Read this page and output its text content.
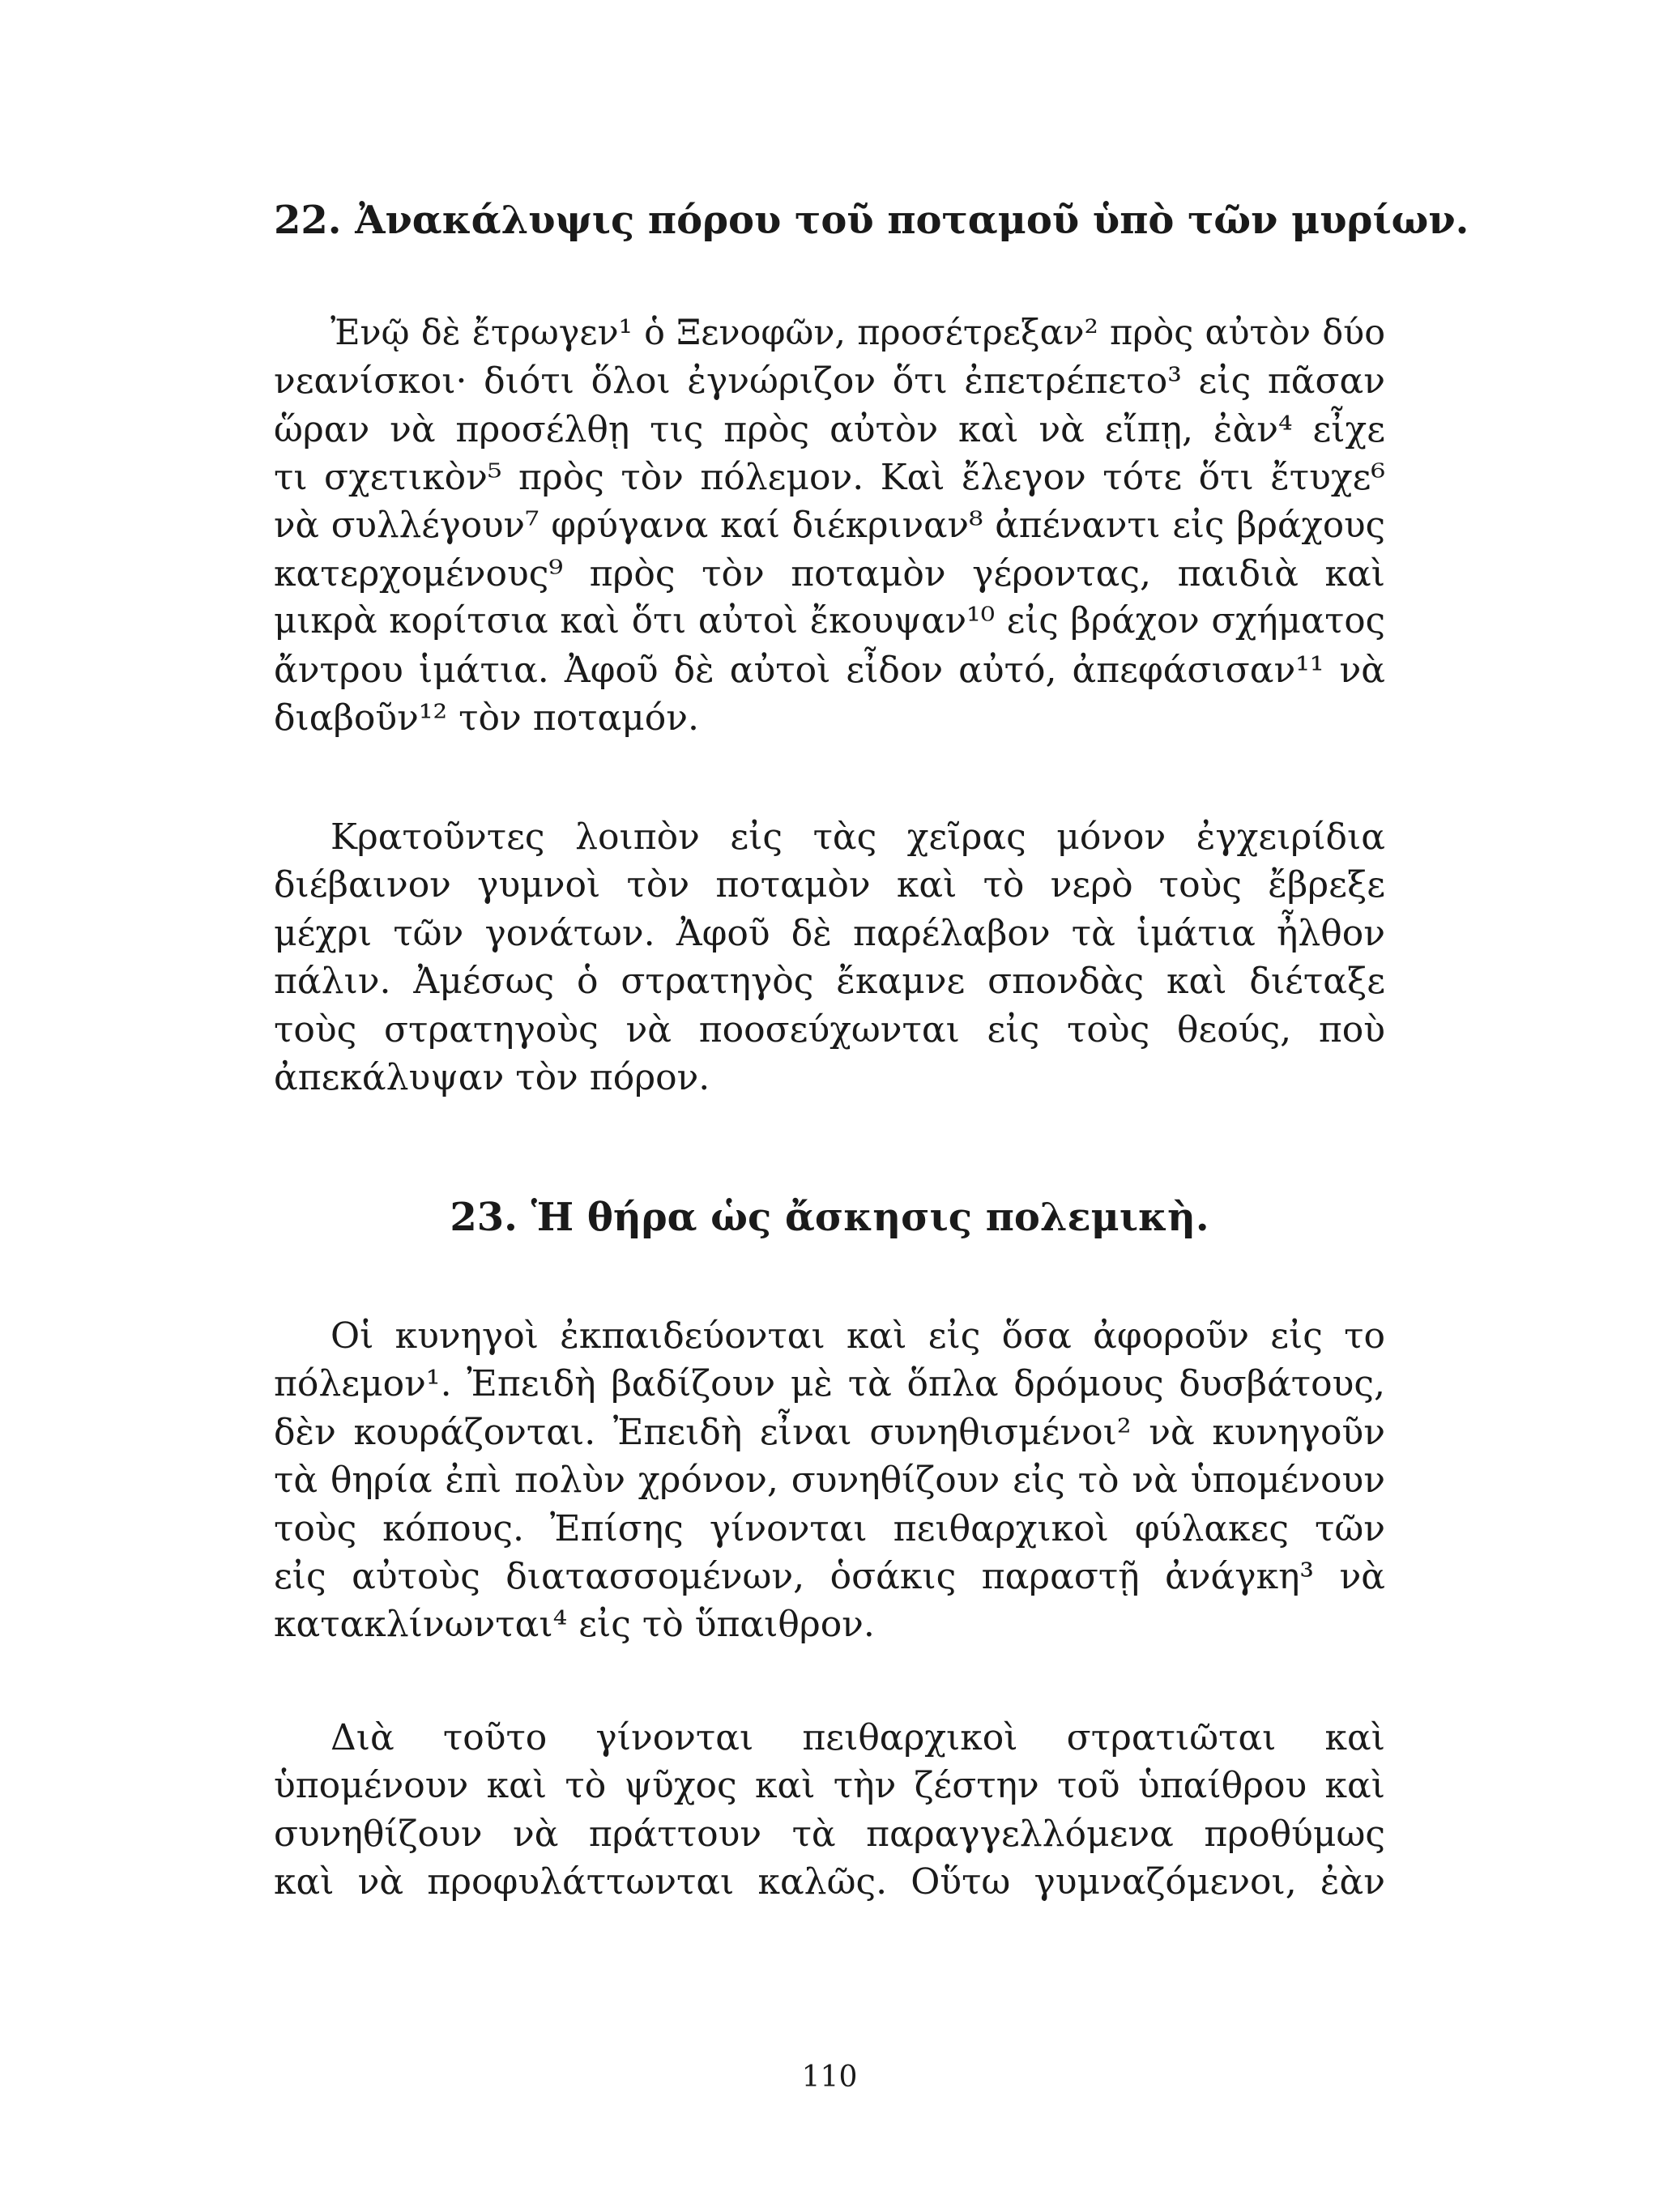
22. Ἀνακάλυψις πόρου τοῦ ποταμοῦ ὑπὸ τῶν μυρίων.
Ἐνῷ δὲ ἔτρωγεν¹ ὁ Ξενοφῶν, προσέτρεξαν² πρὸς αὐτὸν δύο
νεανίσκοι· διότι ὅλοι ἐγνώριζον ὅτι ἐπετρέπετο³ εἰς πᾶσαν
ὥραν νὰ προσέλθῃ τις πρὸς αὐτὸν καὶ νὰ εἴπῃ, ἐὰν⁴ εἶχε
τι σχετικὸν⁵ πρὸς τὸν πόλεμον. Καὶ ἔλεγον τότε ὅτι ἔτυχε⁶
νὰ συλλέγουν⁷ φρύγανα καί διέκριναν⁸ ἀπέναντι εἰς βράχους
κατερχομένους⁹ πρὸς τὸν ποταμὸν γέροντας, παιδιὰ καὶ
μικρὰ κορίτσια καὶ ὅτι αὐτοὶ ἔκουψαν¹⁰ εἰς βράχον σχήματος
ἄντρου ἱμάτια. Ἀφοῦ δὲ αὐτοὶ εἶδον αὐτό, ἀπεφάσισαν¹¹ νὰ
διαβοῦν¹² τὸν ποταμόν.
Κρατοῦντες λοιπὸν εἰς τὰς χεῖρας μόνον ἐγχειρίδια
διέβαινον γυμνοὶ τὸν ποταμὸν καὶ τὸ νερὸ τοὺς ἔβρεξε
μέχρι τῶν γονάτων. Ἀφοῦ δὲ παρέλαβον τὰ ἱμάτια ἦλθον
πάλιν. Ἀμέσως ὁ στρατηγὸς ἔκαμνε σπονδὰς καὶ διέταξε
τοὺς στρατηγοὺς νὰ ποοσεύχωνται εἰς τοὺς θεούς, ποὺ
ἀπεκάλυψαν τὸν πόρον.
23. Ἡ θήρα ὡς ἄσκησις πολεμικὴ.
Οἱ κυνηγοὶ ἐκπαιδεύονται καὶ εἰς ὅσα ἀφοροῦν εἰς το
πόλεμον¹. Ἐπειδὴ βαδίζουν μὲ τὰ ὅπλα δρόμους δυσβάτους,
δὲν κουράζονται. Ἐπειδὴ εἶναι συνηθισμένοι² νὰ κυνηγοῦν
τὰ θηρία ἐπὶ πολὺν χρόνον, συνηθίζουν εἰς τὸ νὰ ὑπομένουν
τοὺς κόπους. Ἐπίσης γίνονται πειθαρχικοὶ φύλακες τῶν
εἰς αὐτοὺς διατασσομένων, ὁσάκις παραστῇ ἀνάγκη³ νὰ
κατακλίνωνται⁴ εἰς τὸ ὕπαιθρον.
Διὰ τοῦτο γίνονται πειθαρχικοὶ στρατιῶται καὶ
ὑπομένουν καὶ τὸ ψῦχος καὶ τὴν ζέστην τοῦ ὑπαίθρου καὶ
συνηθίζουν νὰ πράττουν τὰ παραγγελλόμενα προθύμως
καὶ νὰ προφυλάττωνται καλῶς. Οὕτω γυμναζόμενοι, ἐὰν
110
